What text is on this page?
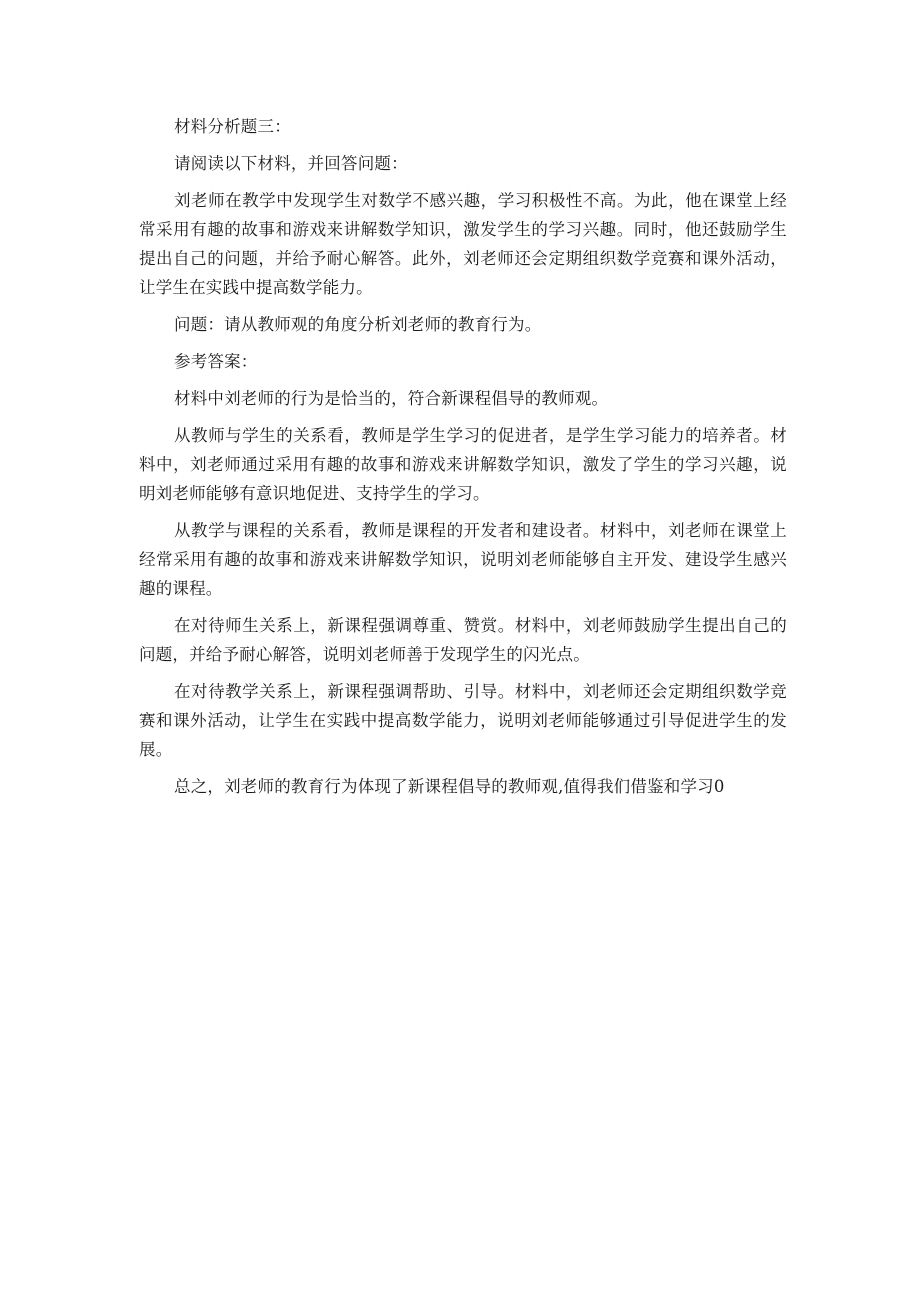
材料分析题三：

请阅读以下材料，并回答问题：

刘老师在教学中发现学生对数学不感兴趣，学习积极性不高。为此，他在课堂上经常采用有趣的故事和游戏来讲解数学知识，激发学生的学习兴趣。同时，他还鼓励学生提出自己的问题，并给予耐心解答。此外，刘老师还会定期组织数学竞赛和课外活动，让学生在实践中提高数学能力。

问题：请从教师观的角度分析刘老师的教育行为。

参考答案：

材料中刘老师的行为是恰当的，符合新课程倡导的教师观。

从教师与学生的关系看，教师是学生学习的促进者，是学生学习能力的培养者。材料中，刘老师通过采用有趣的故事和游戏来讲解数学知识，激发了学生的学习兴趣，说明刘老师能够有意识地促进、支持学生的学习。

从教学与课程的关系看，教师是课程的开发者和建设者。材料中，刘老师在课堂上经常采用有趣的故事和游戏来讲解数学知识，说明刘老师能够自主开发、建设学生感兴趣的课程。

在对待师生关系上，新课程强调尊重、赞赏。材料中，刘老师鼓励学生提出自己的问题，并给予耐心解答，说明刘老师善于发现学生的闪光点。

在对待教学关系上，新课程强调帮助、引导。材料中，刘老师还会定期组织数学竞赛和课外活动，让学生在实践中提高数学能力，说明刘老师能够通过引导促进学生的发展。

总之，刘老师的教育行为体现了新课程倡导的教师观,值得我们借鉴和学习0
